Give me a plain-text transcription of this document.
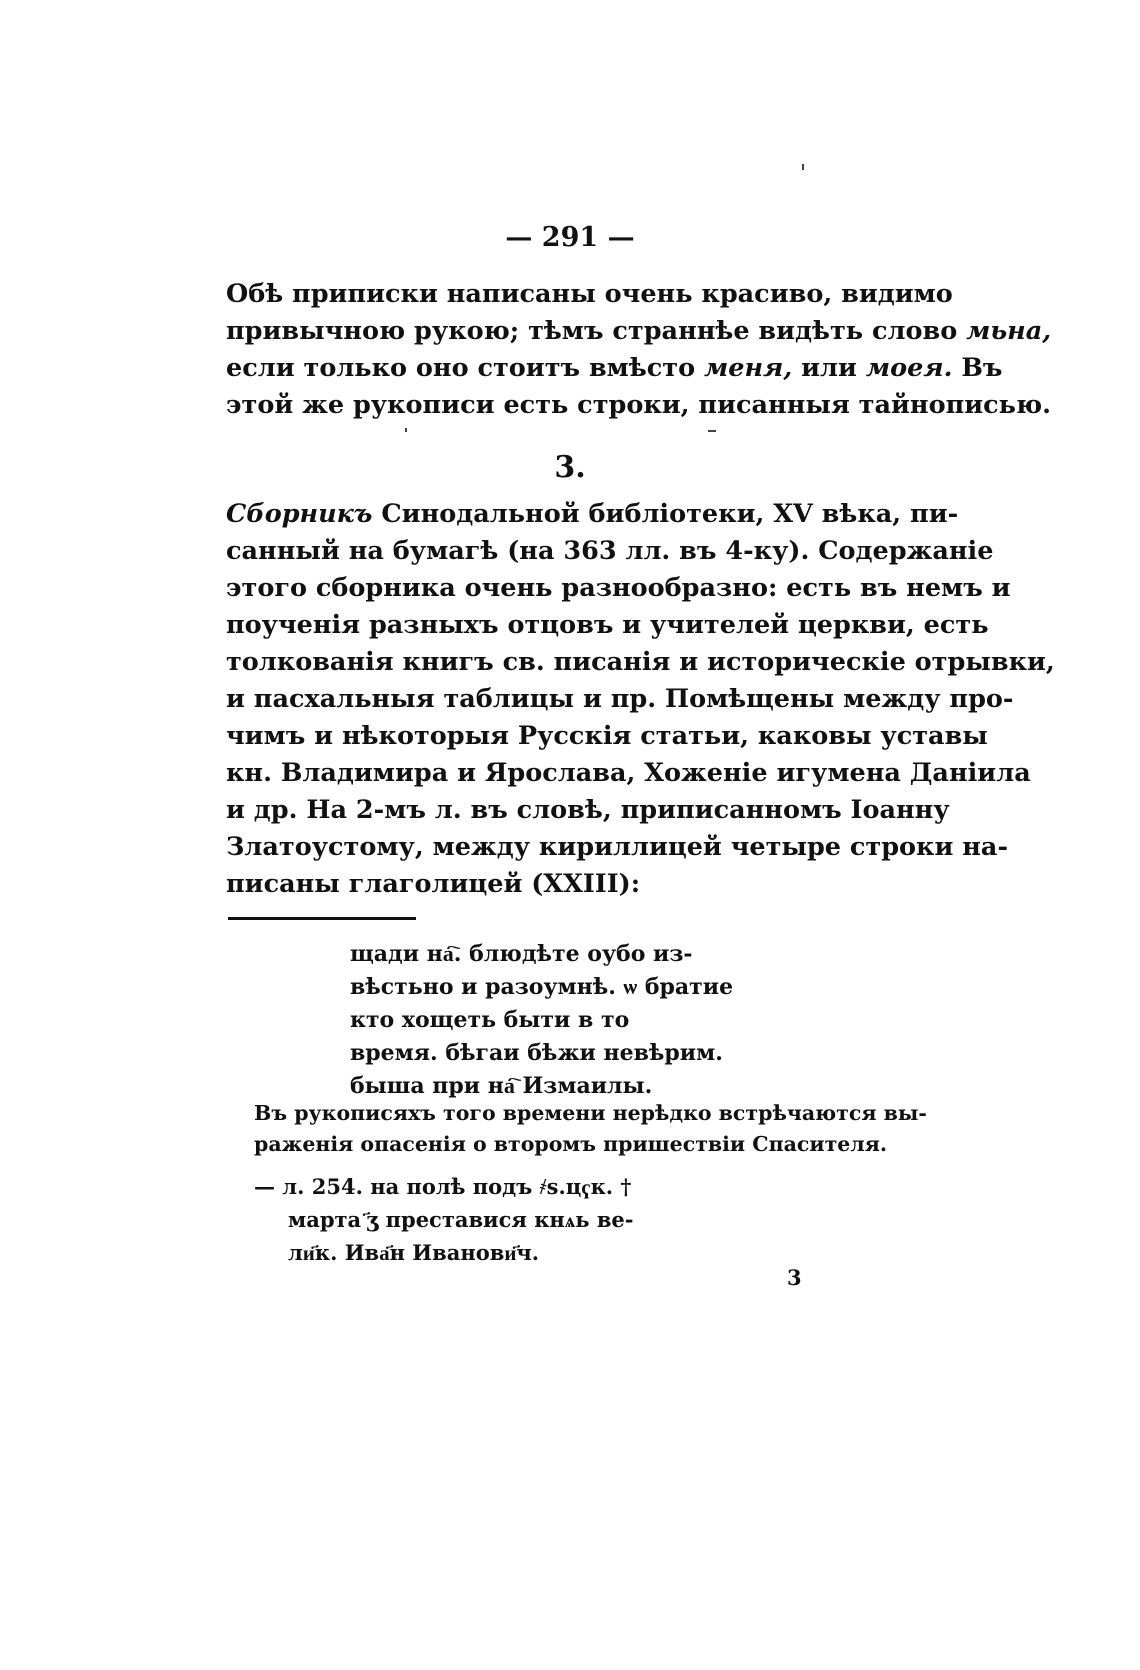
— 291 —
Обѣ приписки написаны очень красиво, видимо
привычною рукою; тѣмъ страннѣе видѣть слово мьна,
если только оно стоитъ вмѣсто меня, или моея. Въ
этой же рукописи есть строки, писанныя тайнописью.
3.
Сборникъ Синодальной библіотеки, XV вѣка, пи-
санный на бумагѣ (на 363 лл. въ 4-ку). Содержаніе
этого сборника очень разнообразно: есть въ немъ и
поученія разныхъ отцовъ и учителей церкви, есть
толкованія книгъ св. писанія и историческіе отрывки,
и пасхальныя таблицы и пр. Помѣщены между про-
чимъ и нѣкоторыя Русскія статьи, каковы уставы
кн. Владимира и Ярослава, Хоженіе игумена Даніила
и др. На 2-мъ л. въ словѣ, приписанномъ Іоанну
Златоустому, между кириллицей четыре строки на-
писаны глаголицей (XXIII):
щади на҇. блюдѣте оубо из-
вѣстьно и разоумнѣ. ѡ братие
кто хощеть быти в то
время. бѣгаи бѣжи невѣрим.
быша при на҇ Измаилы.
Въ рукописяхъ того времени нерѣдко встрѣчаются вы-
раженія опасенія о второмъ пришествіи Спасителя.
— л. 254. на полѣ подъ ҂s.цҁк. †
марта ҃ӡ преставися кнѧь ве-
ли҃к. Ива҃н Иванови҃ч.
3
